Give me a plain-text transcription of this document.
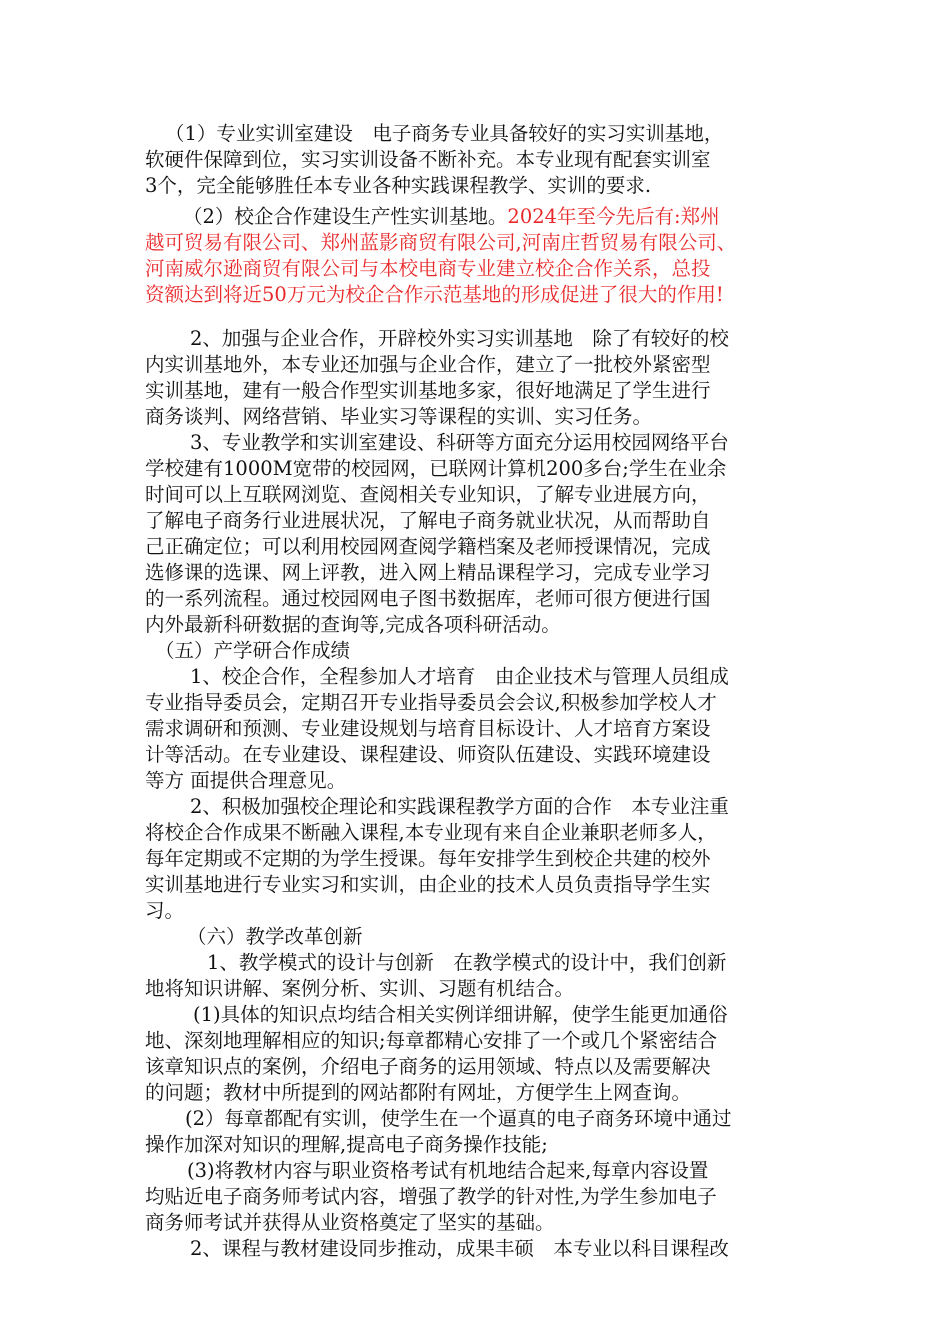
（1）专业实训室建设　电子商务专业具备较好的实习实训基地，
软硬件保障到位，实习实训设备不断补充。本专业现有配套实训室
3个，完全能够胜任本专业各种实践课程教学、实训的要求.
（2）校企合作建设生产性实训基地。2024年至今先后有:郑州
越可贸易有限公司、郑州蓝影商贸有限公司,河南庄哲贸易有限公司、
河南威尔逊商贸有限公司与本校电商专业建立校企合作关系，总投
资额达到将近50万元为校企合作示范基地的形成促进了很大的作用!
2、加强与企业合作，开辟校外实习实训基地　除了有较好的校
内实训基地外，本专业还加强与企业合作，建立了一批校外紧密型
实训基地，建有一般合作型实训基地多家，很好地满足了学生进行
商务谈判、网络营销、毕业实习等课程的实训、实习任务。
3、专业教学和实训室建设、科研等方面充分运用校园网络平台
学校建有1000M宽带的校园网，已联网计算机200多台;学生在业余
时间可以上互联网浏览、查阅相关专业知识，了解专业进展方向，
了解电子商务行业进展状况，了解电子商务就业状况，从而帮助自
己正确定位；可以利用校园网查阅学籍档案及老师授课情况，完成
选修课的选课、网上评教，进入网上精品课程学习，完成专业学习
的一系列流程。通过校园网电子图书数据库，老师可很方便进行国
内外最新科研数据的查询等,完成各项科研活动。
（五）产学研合作成绩
1、校企合作，全程参加人才培育　由企业技术与管理人员组成
专业指导委员会，定期召开专业指导委员会会议,积极参加学校人才
需求调研和预测、专业建设规划与培育目标设计、人才培育方案设
计等活动。在专业建设、课程建设、师资队伍建设、实践环境建设
等方 面提供合理意见。
2、积极加强校企理论和实践课程教学方面的合作　本专业注重
将校企合作成果不断融入课程,本专业现有来自企业兼职老师多人，
每年定期或不定期的为学生授课。每年安排学生到校企共建的校外
实训基地进行专业实习和实训，由企业的技术人员负责指导学生实
习。
（六）教学改革创新
1、教学模式的设计与创新　在教学模式的设计中，我们创新
地将知识讲解、案例分析、实训、习题有机结合。
(1)具体的知识点均结合相关实例详细讲解，使学生能更加通俗
地、深刻地理解相应的知识;每章都精心安排了一个或几个紧密结合
该章知识点的案例，介绍电子商务的运用领域、特点以及需要解决
的问题；教材中所提到的网站都附有网址，方便学生上网查询。
(2）每章都配有实训，使学生在一个逼真的电子商务环境中通过
操作加深对知识的理解,提高电子商务操作技能;
(3)将教材内容与职业资格考试有机地结合起来,每章内容设置
均贴近电子商务师考试内容，增强了教学的针对性,为学生参加电子
商务师考试并获得从业资格奠定了坚实的基础。
2、课程与教材建设同步推动，成果丰硕　本专业以科目课程改
